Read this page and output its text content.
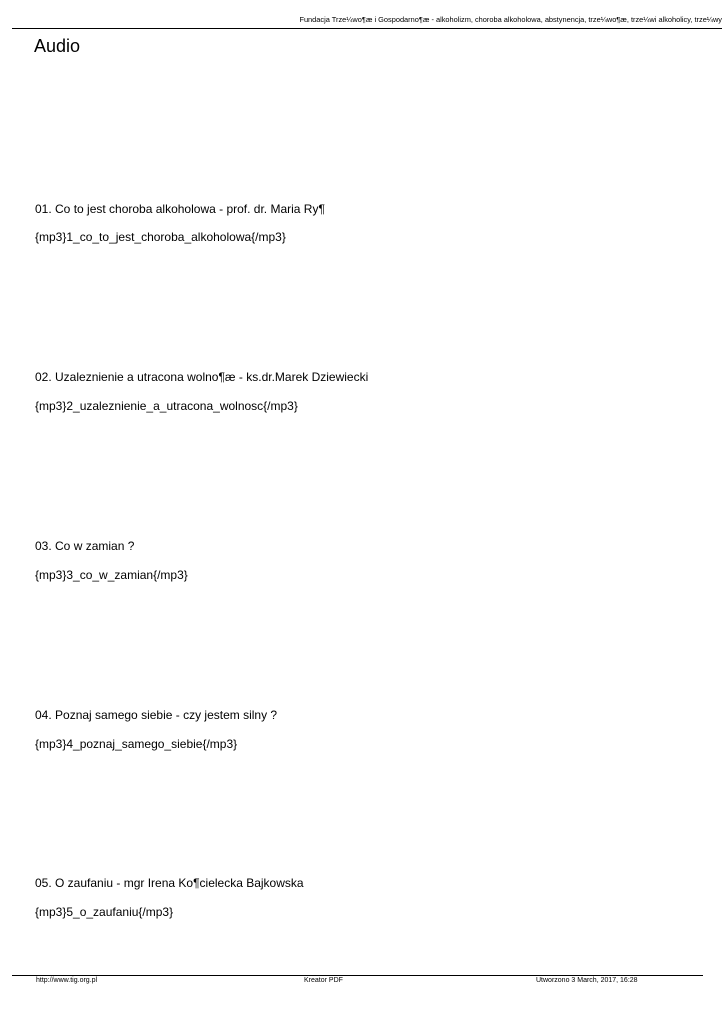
Fundacja Trze¼wo¶æ i Gospodarno¶æ - alkoholizm, choroba alkoholowa, abstynencja, trze¼wo¶æ, trze¼wi alkoholicy, trze¼wy
Audio
01. Co to jest choroba alkoholowa - prof. dr. Maria Ry¶
{mp3}1_co_to_jest_choroba_alkoholowa{/mp3}
02. Uzaleznienie a utracona wolno¶æ - ks.dr.Marek Dziewiecki
{mp3}2_uzaleznienie_a_utracona_wolnosc{/mp3}
03. Co w zamian ?
{mp3}3_co_w_zamian{/mp3}
04. Poznaj samego siebie - czy jestem silny ?
{mp3}4_poznaj_samego_siebie{/mp3}
05. O zaufaniu - mgr Irena Ko¶cielecka Bajkowska
{mp3}5_o_zaufaniu{/mp3}
http://www.tig.org.pl	Kreator PDF	Utworzono 3 March, 2017, 16:28
